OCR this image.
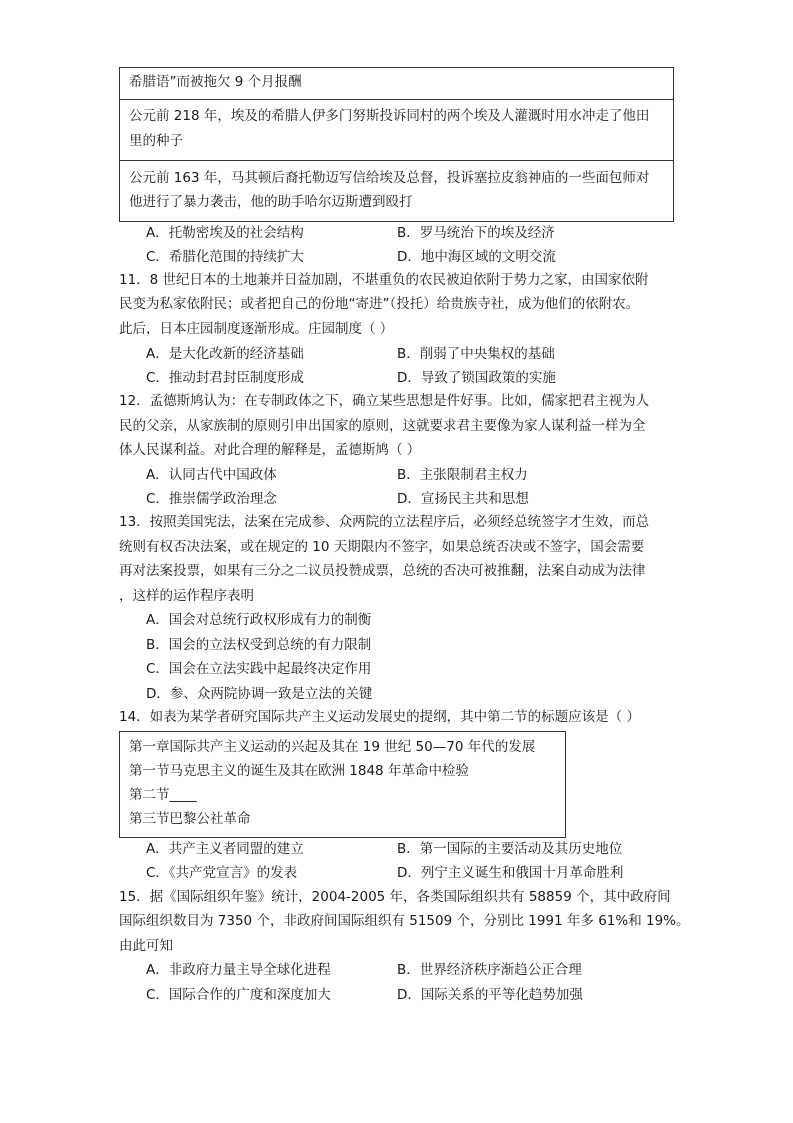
希腊语”而被拖欠 9 个月报酬
公元前 218 年，埃及的希腊人伊多门努斯投诉同村的两个埃及人灌溉时用水冲走了他田
里的种子
公元前 163 年，马其顿后裔托勒迈写信给埃及总督，投诉塞拉皮翁神庙的一些面包师对
他进行了暴力袭击，他的助手哈尔迈斯遭到殴打
A．托勒密埃及的社会结构	B．罗马统治下的埃及经济
C．希腊化范围的持续扩大	D．地中海区域的文明交流
11．8 世纪日本的土地兼并日益加剧，不堪重负的农民被迫依附于势力之家，由国家依附
民变为私家依附民；或者把自己的份地“寄进”（投托）给贵族寺社，成为他们的依附农。
此后，日本庄园制度逐渐形成。庄园制度（ ）
A．是大化改新的经济基础	B．削弱了中央集权的基础
C．推动封君封臣制度形成	D．导致了锁国政策的实施
12．孟德斯鸠认为：在专制政体之下，确立某些思想是件好事。比如，儒家把君主视为人
民的父亲，从家族制的原则引申出国家的原则，这就要求君主要像为家人谋利益一样为全
体人民谋利益。对此合理的解释是，孟德斯鸠（ ）
A．认同古代中国政体	B．主张限制君主权力
C．推崇儒学政治理念	D．宣扬民主共和思想
13．按照美国宪法，法案在完成参、众两院的立法程序后，必须经总统签字才生效，而总
统则有权否决法案，或在规定的 10 天期限内不签字，如果总统否决或不签字，国会需要
再对法案投票，如果有三分之二议员投赞成票，总统的否决可被推翻，法案自动成为法律
，这样的运作程序表明
A．国会对总统行政权形成有力的制衡
B．国会的立法权受到总统的有力限制
C．国会在立法实践中起最终决定作用
D．参、众两院协调一致是立法的关键
14．如表为某学者研究国际共产主义运动发展史的提纲，其中第二节的标题应该是（ ）
第一章国际共产主义运动的兴起及其在 19 世纪 50—70 年代的发展
第一节马克思主义的诞生及其在欧洲 1848 年革命中检验
第二节____
第三节巴黎公社革命
A．共产主义者同盟的建立	B．第一国际的主要活动及其历史地位
C．《共产党宣言》的发表	D．列宁主义诞生和俄国十月革命胜利
15．据《国际组织年鉴》统计，2004-2005 年，各类国际组织共有 58859 个，其中政府间
国际组织数目为 7350 个，非政府间国际组织有 51509 个，分别比 1991 年多 61%和 19%。
由此可知
A．非政府力量主导全球化进程	B．世界经济秩序渐趋公正合理
C．国际合作的广度和深度加大	D．国际关系的平等化趋势加强
